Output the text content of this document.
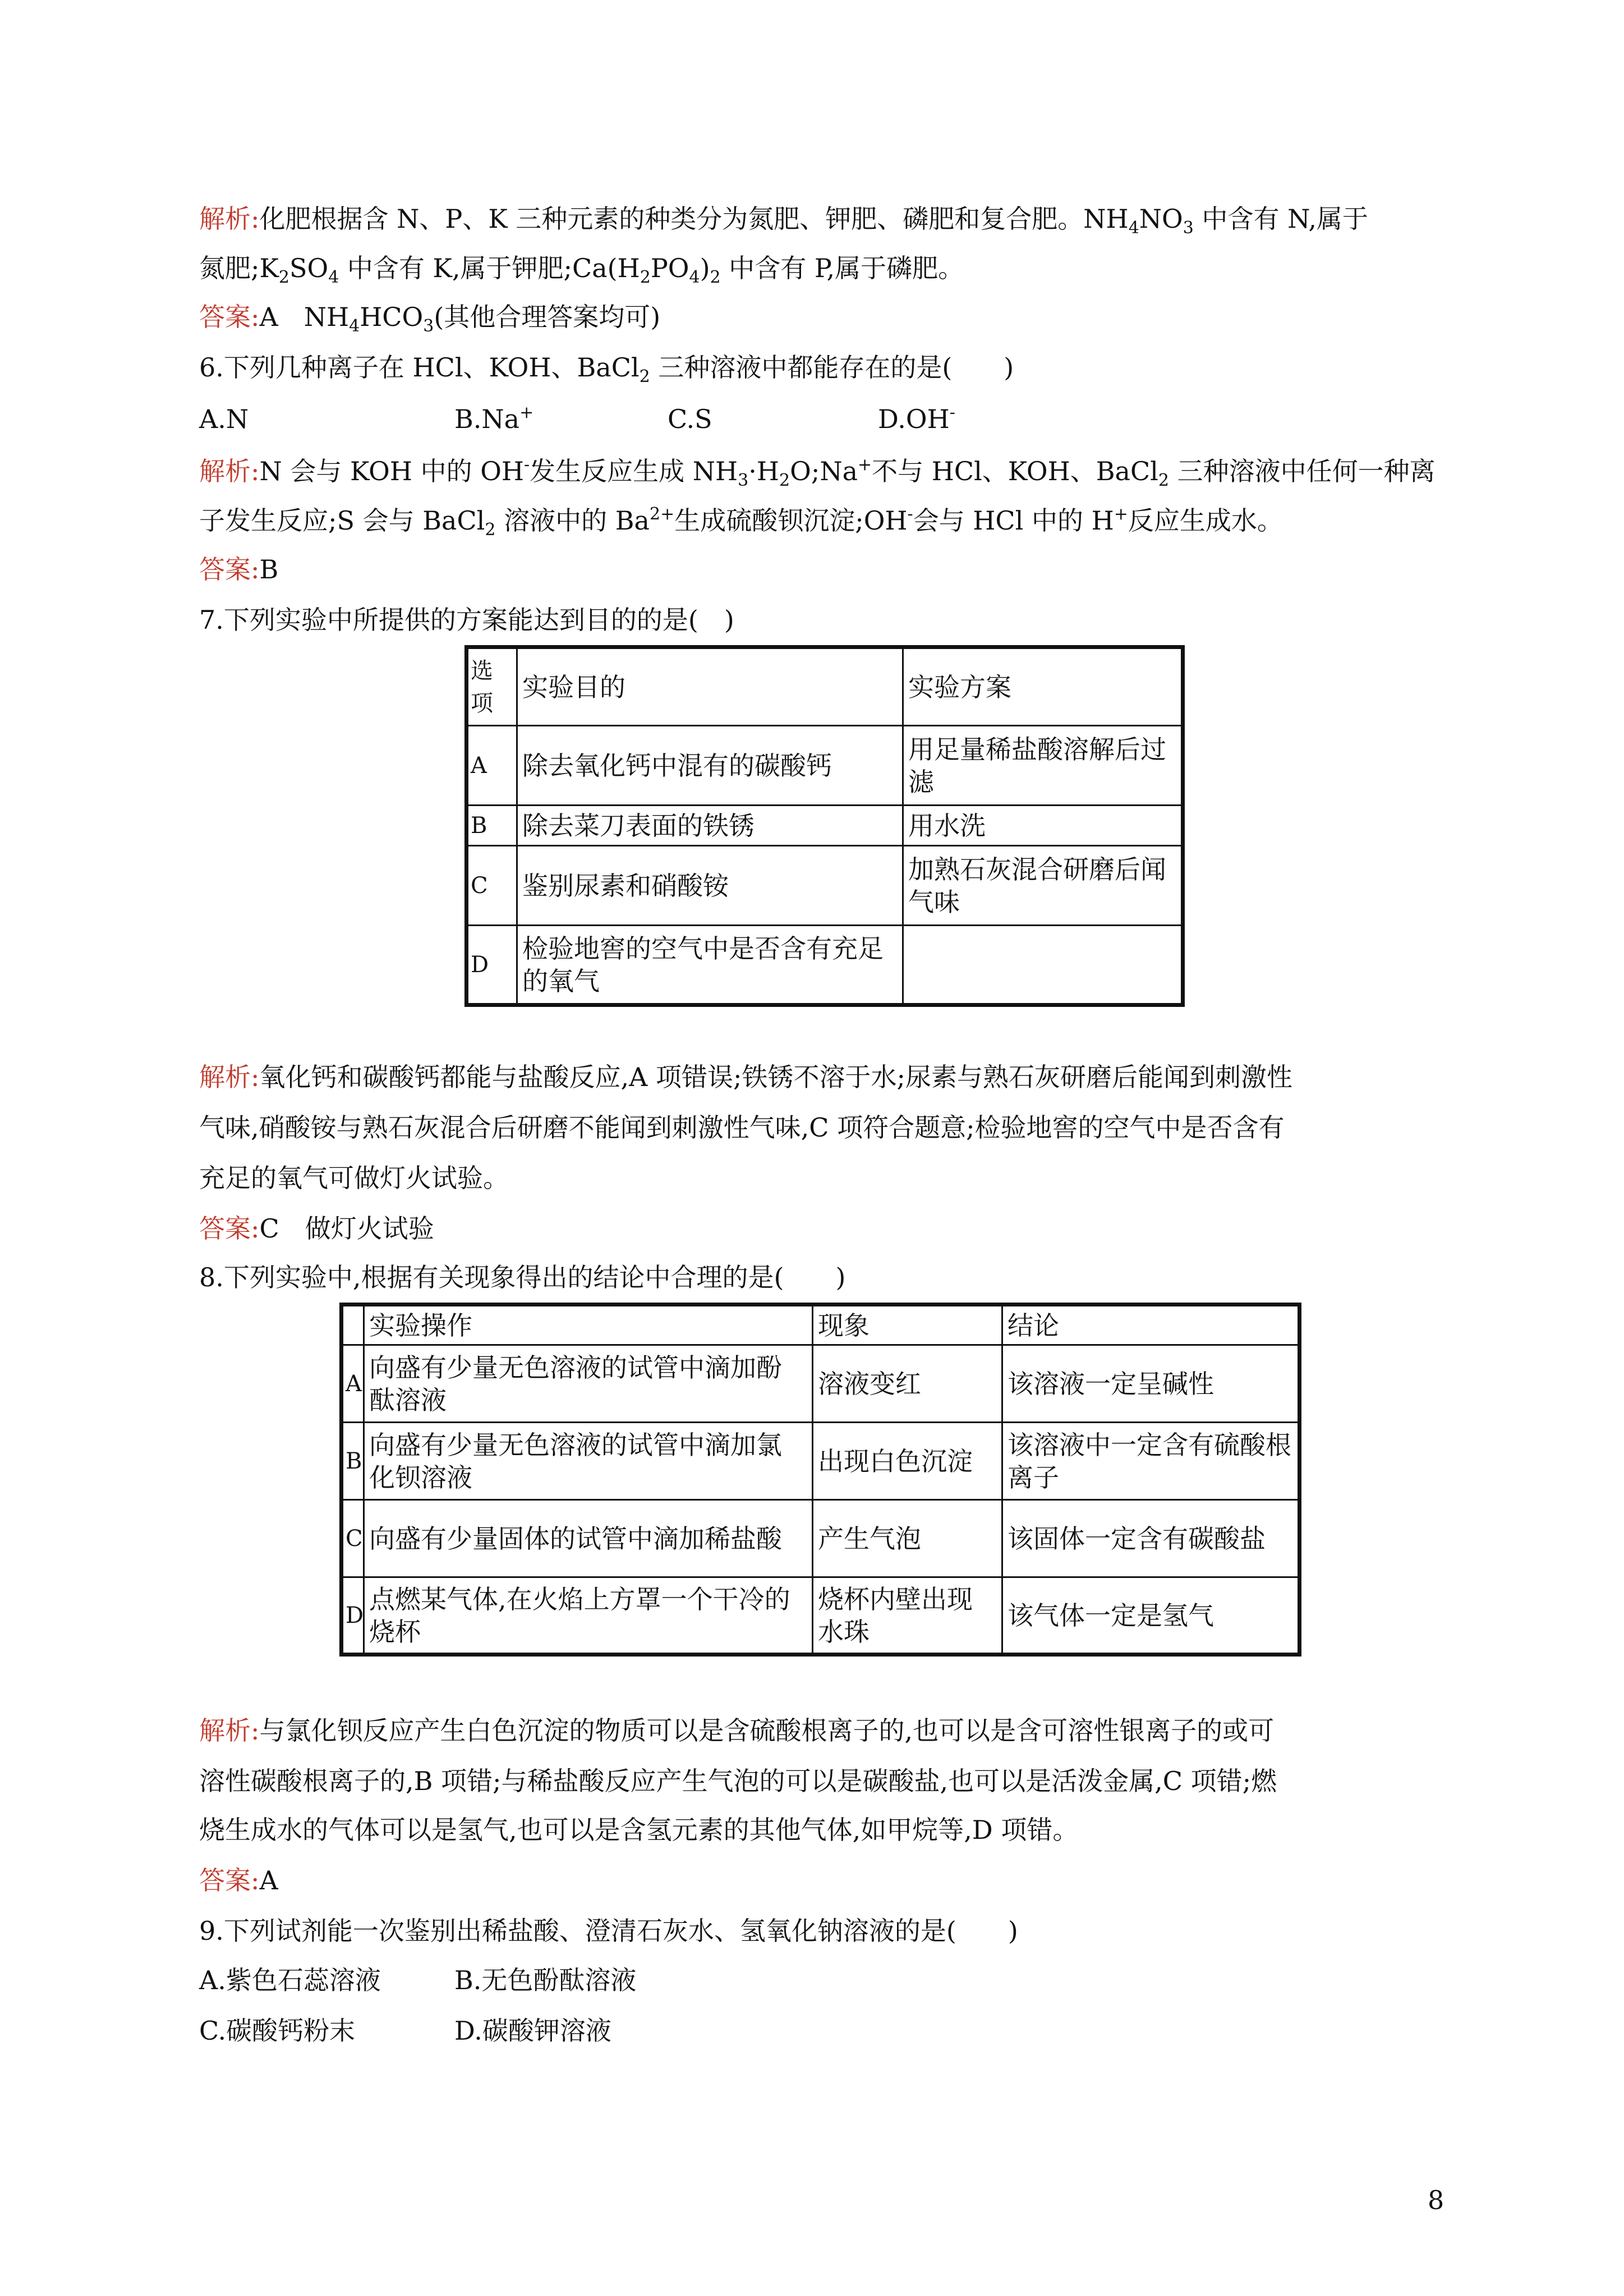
解析:化肥根据含 N、P、K 三种元素的种类分为氮肥、钾肥、磷肥和复合肥。$NH_4NO_3$ 中含有 N,属于
氮肥$;K_2SO_4$ 中含有 K,属于钾肥$;Ca(H_2PO_4)_2$ 中含有 P,属于磷肥。
答案:A　$NH_4HCO_3$(其他合理答案均可)
6.下列几种离子在 HCl、KOH、BaCl$_2$ 三种溶液中都能存在的是(　　)
A.N	B.Na+	C.S	D.OH-
解析:N 会与 KOH 中的 OH-发生反应生成 $NH_3\cdot H_2O;Na^+$不与 HCl、KOH、BaCl$_2$ 三种溶液中任何一种离
子发生反应;S 会与 BaCl$_2$ 溶液中的 $Ba^{2+}$生成硫酸钡沉淀;OH-会与 HCl 中的 H+反应生成水。
答案:B
7.下列实验中所提供的方案能达到目的的是(　)
选项	实验目的	实验方案
A	除去氧化钙中混有的碳酸钙	用足量稀盐酸溶解后过滤
B	除去菜刀表面的铁锈	用水洗
C	鉴别尿素和硝酸铵	加熟石灰混合研磨后闻气味
D	检验地窖的空气中是否含有充足的氧气	
解析:氧化钙和碳酸钙都能与盐酸反应,A 项错误;铁锈不溶于水;尿素与熟石灰研磨后能闻到刺激性
气味,硝酸铵与熟石灰混合后研磨不能闻到刺激性气味,C 项符合题意;检验地窖的空气中是否含有
充足的氧气可做灯火试验。
答案:C　做灯火试验
8.下列实验中,根据有关现象得出的结论中合理的是(　　)
	实验操作	现象	结论
A	向盛有少量无色溶液的试管中滴加酚酞溶液	溶液变红	该溶液一定呈碱性
B	向盛有少量无色溶液的试管中滴加氯化钡溶液	出现白色沉淀	该溶液中一定含有硫酸根离子
C	向盛有少量固体的试管中滴加稀盐酸	产生气泡	该固体一定含有碳酸盐
D	点燃某气体,在火焰上方罩一个干冷的烧杯	烧杯内壁出现水珠	该气体一定是氢气
解析:与氯化钡反应产生白色沉淀的物质可以是含硫酸根离子的,也可以是含可溶性银离子的或可
溶性碳酸根离子的,B 项错;与稀盐酸反应产生气泡的可以是碳酸盐,也可以是活泼金属,C 项错;燃
烧生成水的气体可以是氢气,也可以是含氢元素的其他气体,如甲烷等,D 项错。
答案:A
9.下列试剂能一次鉴别出稀盐酸、澄清石灰水、氢氧化钠溶液的是(　　)
A.紫色石蕊溶液	B.无色酚酞溶液
C.碳酸钙粉末	D.碳酸钾溶液
8
